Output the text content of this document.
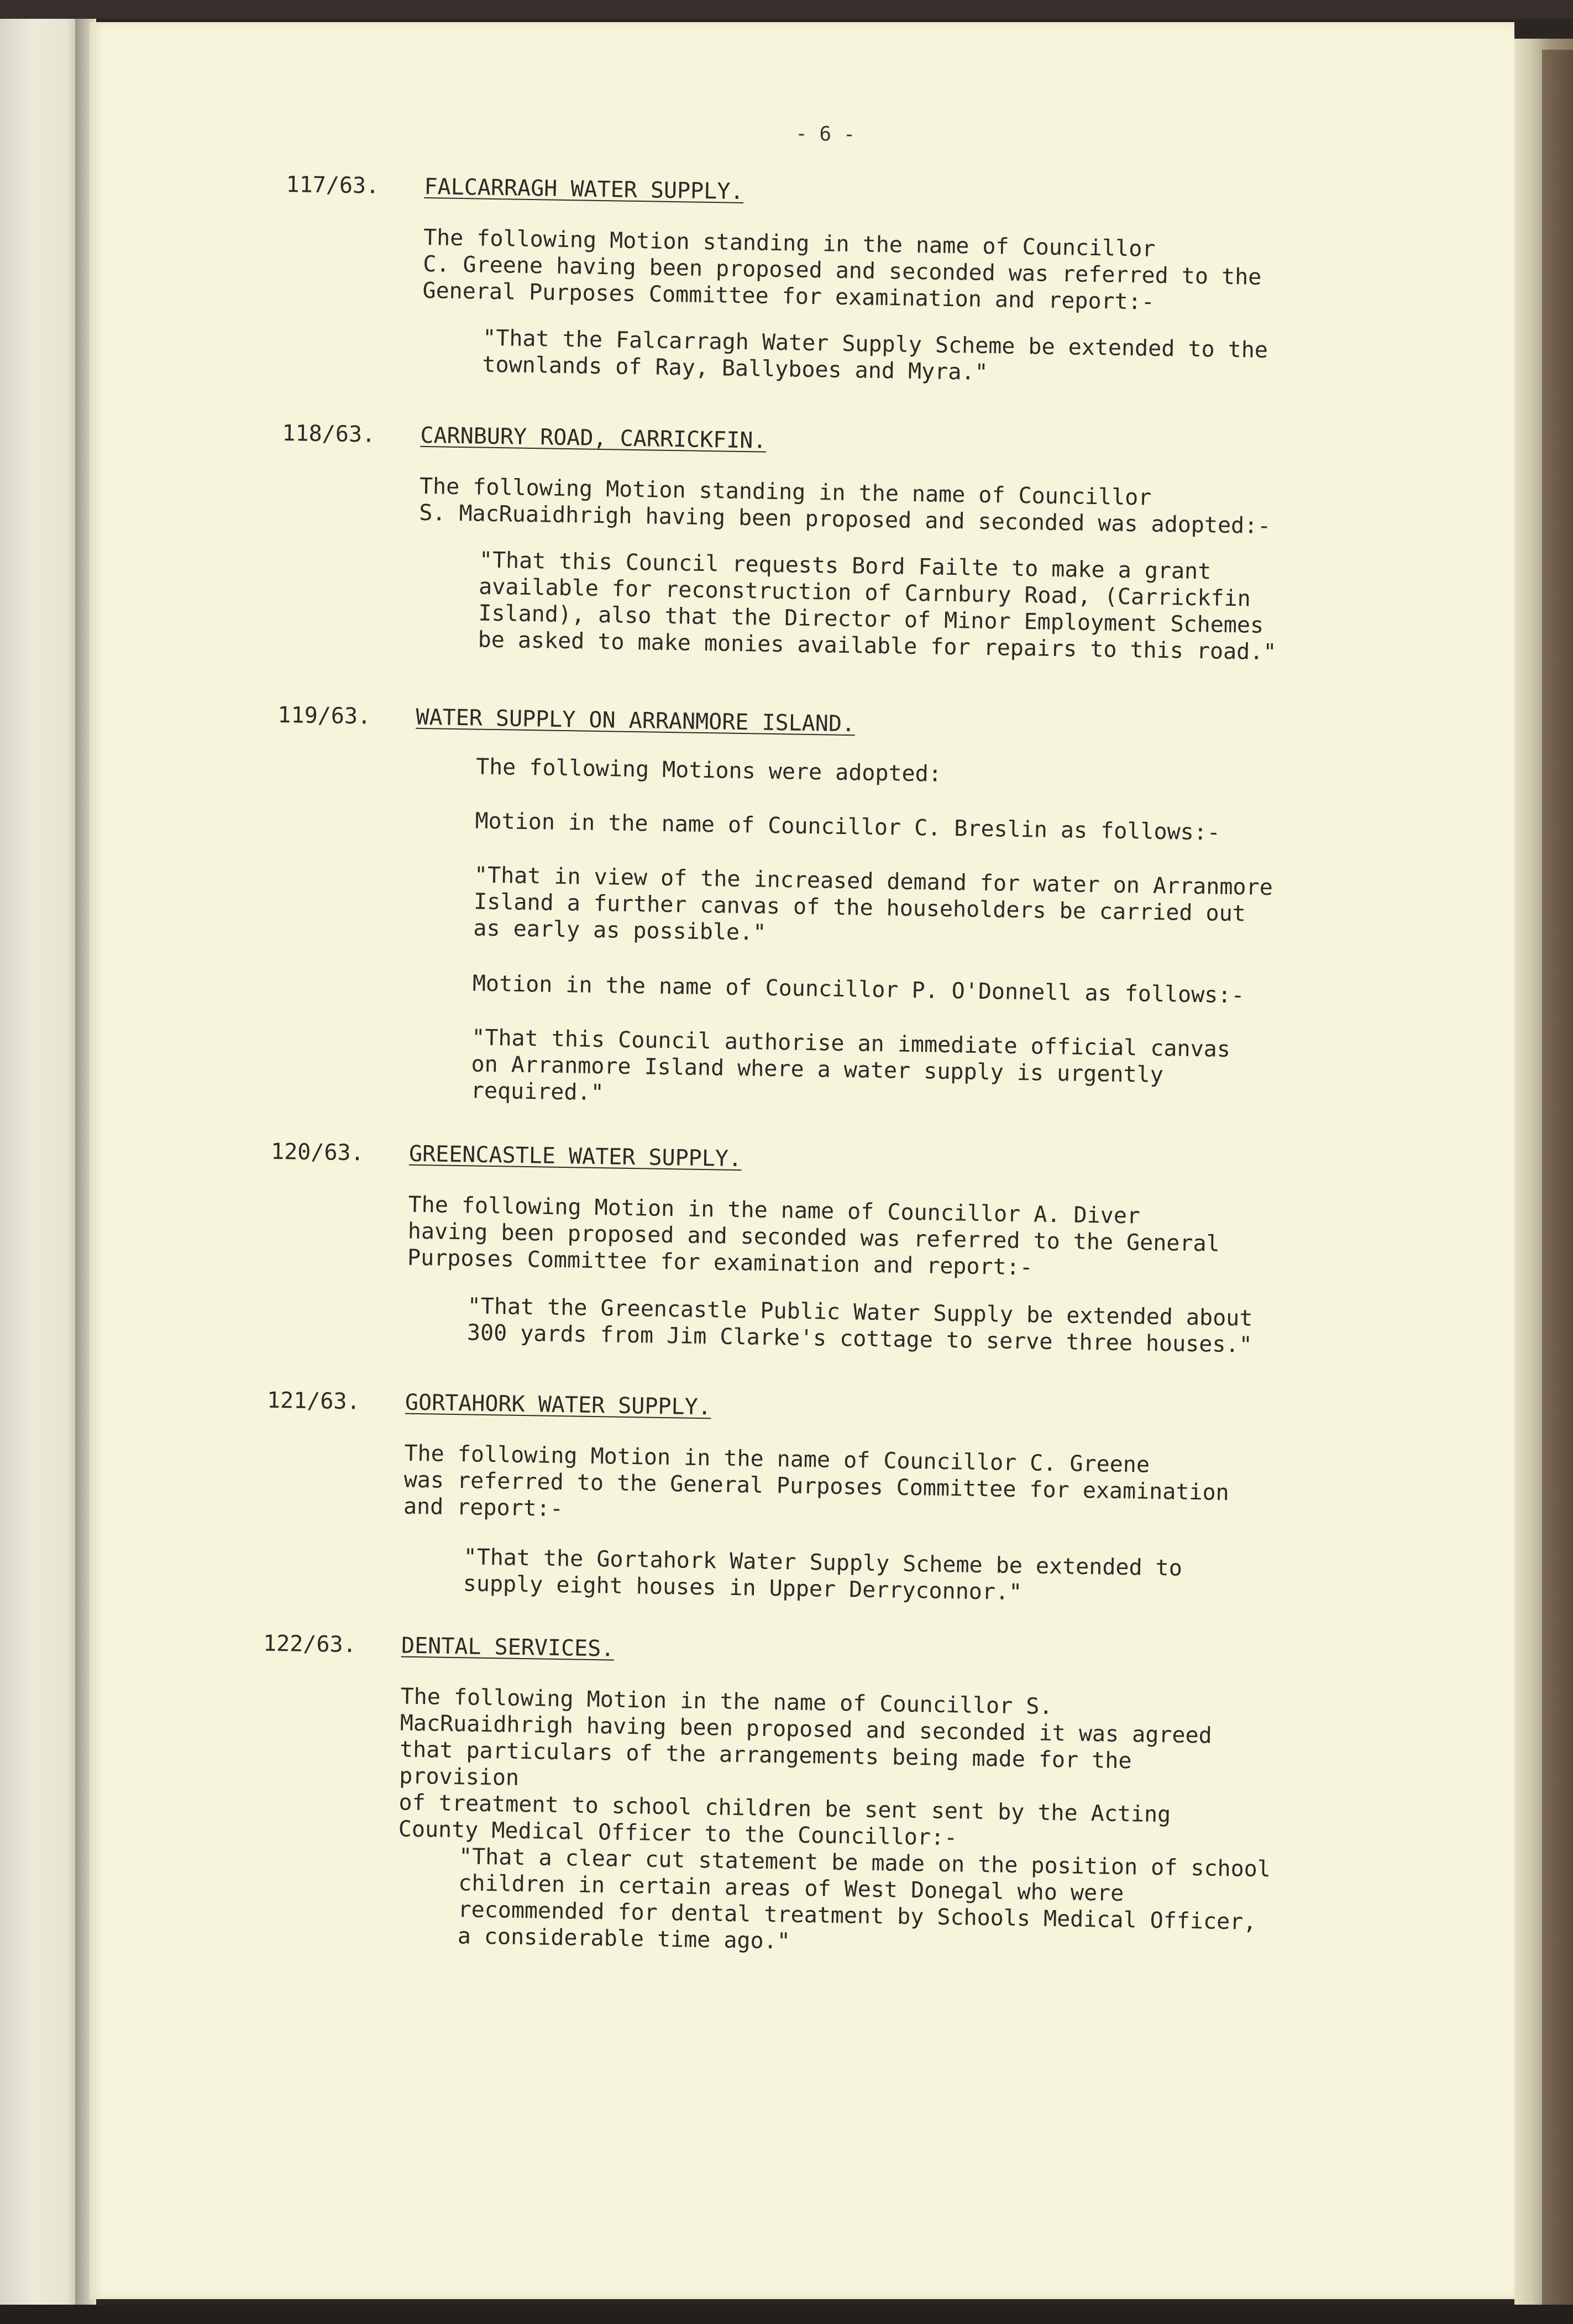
- 6 -
117/63.	FALCARRAGH WATER SUPPLY.
The following Motion standing in the name of Councillor
C. Greene having been proposed and seconded was referred to the
General Purposes Committee for examination and report:-
"That the Falcarragh Water Supply Scheme be extended to the
townlands of Ray, Ballyboes and Myra."
118/63.	CARNBURY ROAD, CARRICKFIN.
The following Motion standing in the name of Councillor
S. MacRuaidhrigh having been proposed and seconded was adopted:-
"That this Council requests Bord Failte to make a grant
available for reconstruction of Carnbury Road, (Carrickfin
Island), also that the Director of Minor Employment Schemes
be asked to make monies available for repairs to this road."
119/63.	WATER SUPPLY ON ARRANMORE ISLAND.
The following Motions were adopted:
Motion in the name of Councillor C. Breslin as follows:-
"That in view of the increased demand for water on Arranmore
Island a further canvas of the householders be carried out
as early as possible."
Motion in the name of Councillor P. O'Donnell as follows:-
"That this Council authorise an immediate official canvas
on Arranmore Island where a water supply is urgently
required."
120/63.	GREENCASTLE WATER SUPPLY.
The following Motion in the name of Councillor A. Diver
having been proposed and seconded was referred to the General
Purposes Committee for examination and report:-
"That the Greencastle Public Water Supply be extended about
300 yards from Jim Clarke's cottage to serve three houses."
121/63.	GORTAHORK WATER SUPPLY.
The following Motion in the name of Councillor C. Greene
was referred to the General Purposes Committee for examination
and report:-
"That the Gortahork Water Supply Scheme be extended to
supply eight houses in Upper Derryconnor."
122/63.	DENTAL SERVICES.
The following Motion in the name of Councillor S.
MacRuaidhrigh having been proposed and seconded it was agreed
that particulars of the arrangements being made for the provision
of treatment to school children be sent sent by the Acting
County Medical Officer to the Councillor:-
"That a clear cut statement be made on the position of school
children in certain areas of West Donegal who were
recommended for dental treatment by Schools Medical Officer,
a considerable time ago."
